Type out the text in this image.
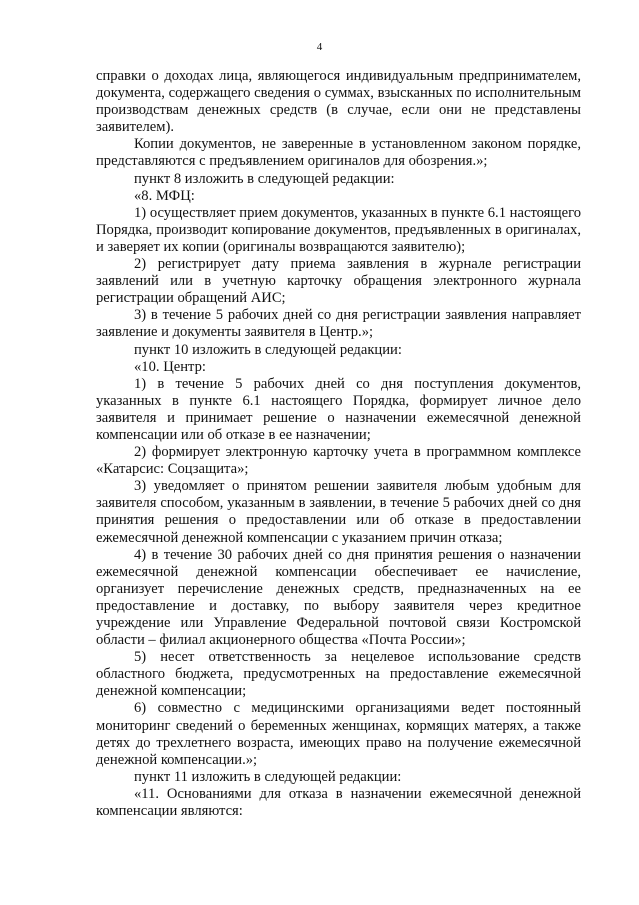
4

справки о доходах лица, являющегося индивидуальным предпринимателем, документа, содержащего сведения о суммах, взысканных по исполнительным производствам денежных средств (в случае, если они не представлены заявителем).

Копии документов, не заверенные в установленном законом порядке, представляются с предъявлением оригиналов для обозрения.»;

пункт 8 изложить в следующей редакции:

«8. МФЦ:

1) осуществляет прием документов, указанных в пункте 6.1 настоящего Порядка, производит копирование документов, предъявленных в оригиналах, и заверяет их копии (оригиналы возвращаются заявителю);

2) регистрирует дату приема заявления в журнале регистрации заявлений или в учетную карточку обращения электронного журнала регистрации обращений АИС;

3) в течение 5 рабочих дней со дня регистрации заявления направляет заявление и документы заявителя в Центр.»;

пункт 10 изложить в следующей редакции:

«10. Центр:

1) в течение 5 рабочих дней со дня поступления документов, указанных в пункте 6.1 настоящего Порядка, формирует личное дело заявителя и принимает решение о назначении ежемесячной денежной компенсации или об отказе в ее назначении;

2) формирует электронную карточку учета в программном комплексе «Катарсис: Соцзащита»;

3) уведомляет о принятом решении заявителя любым удобным для заявителя способом, указанным в заявлении, в течение 5 рабочих дней со дня принятия решения о предоставлении или об отказе в предоставлении ежемесячной денежной компенсации с указанием причин отказа;

4) в течение 30 рабочих дней со дня принятия решения о назначении ежемесячной денежной компенсации обеспечивает ее начисление, организует перечисление денежных средств, предназначенных на ее предоставление и доставку, по выбору заявителя через кредитное учреждение или Управление Федеральной почтовой связи Костромской области – филиал акционерного общества «Почта России»;

5) несет ответственность за нецелевое использование средств областного бюджета, предусмотренных на предоставление ежемесячной денежной компенсации;

6) совместно с медицинскими организациями ведет постоянный мониторинг сведений о беременных женщинах, кормящих матерях, а также детях до трехлетнего возраста, имеющих право на получение ежемесячной денежной компенсации.»;

пункт 11 изложить в следующей редакции:

«11. Основаниями для отказа в назначении ежемесячной денежной компенсации являются:
